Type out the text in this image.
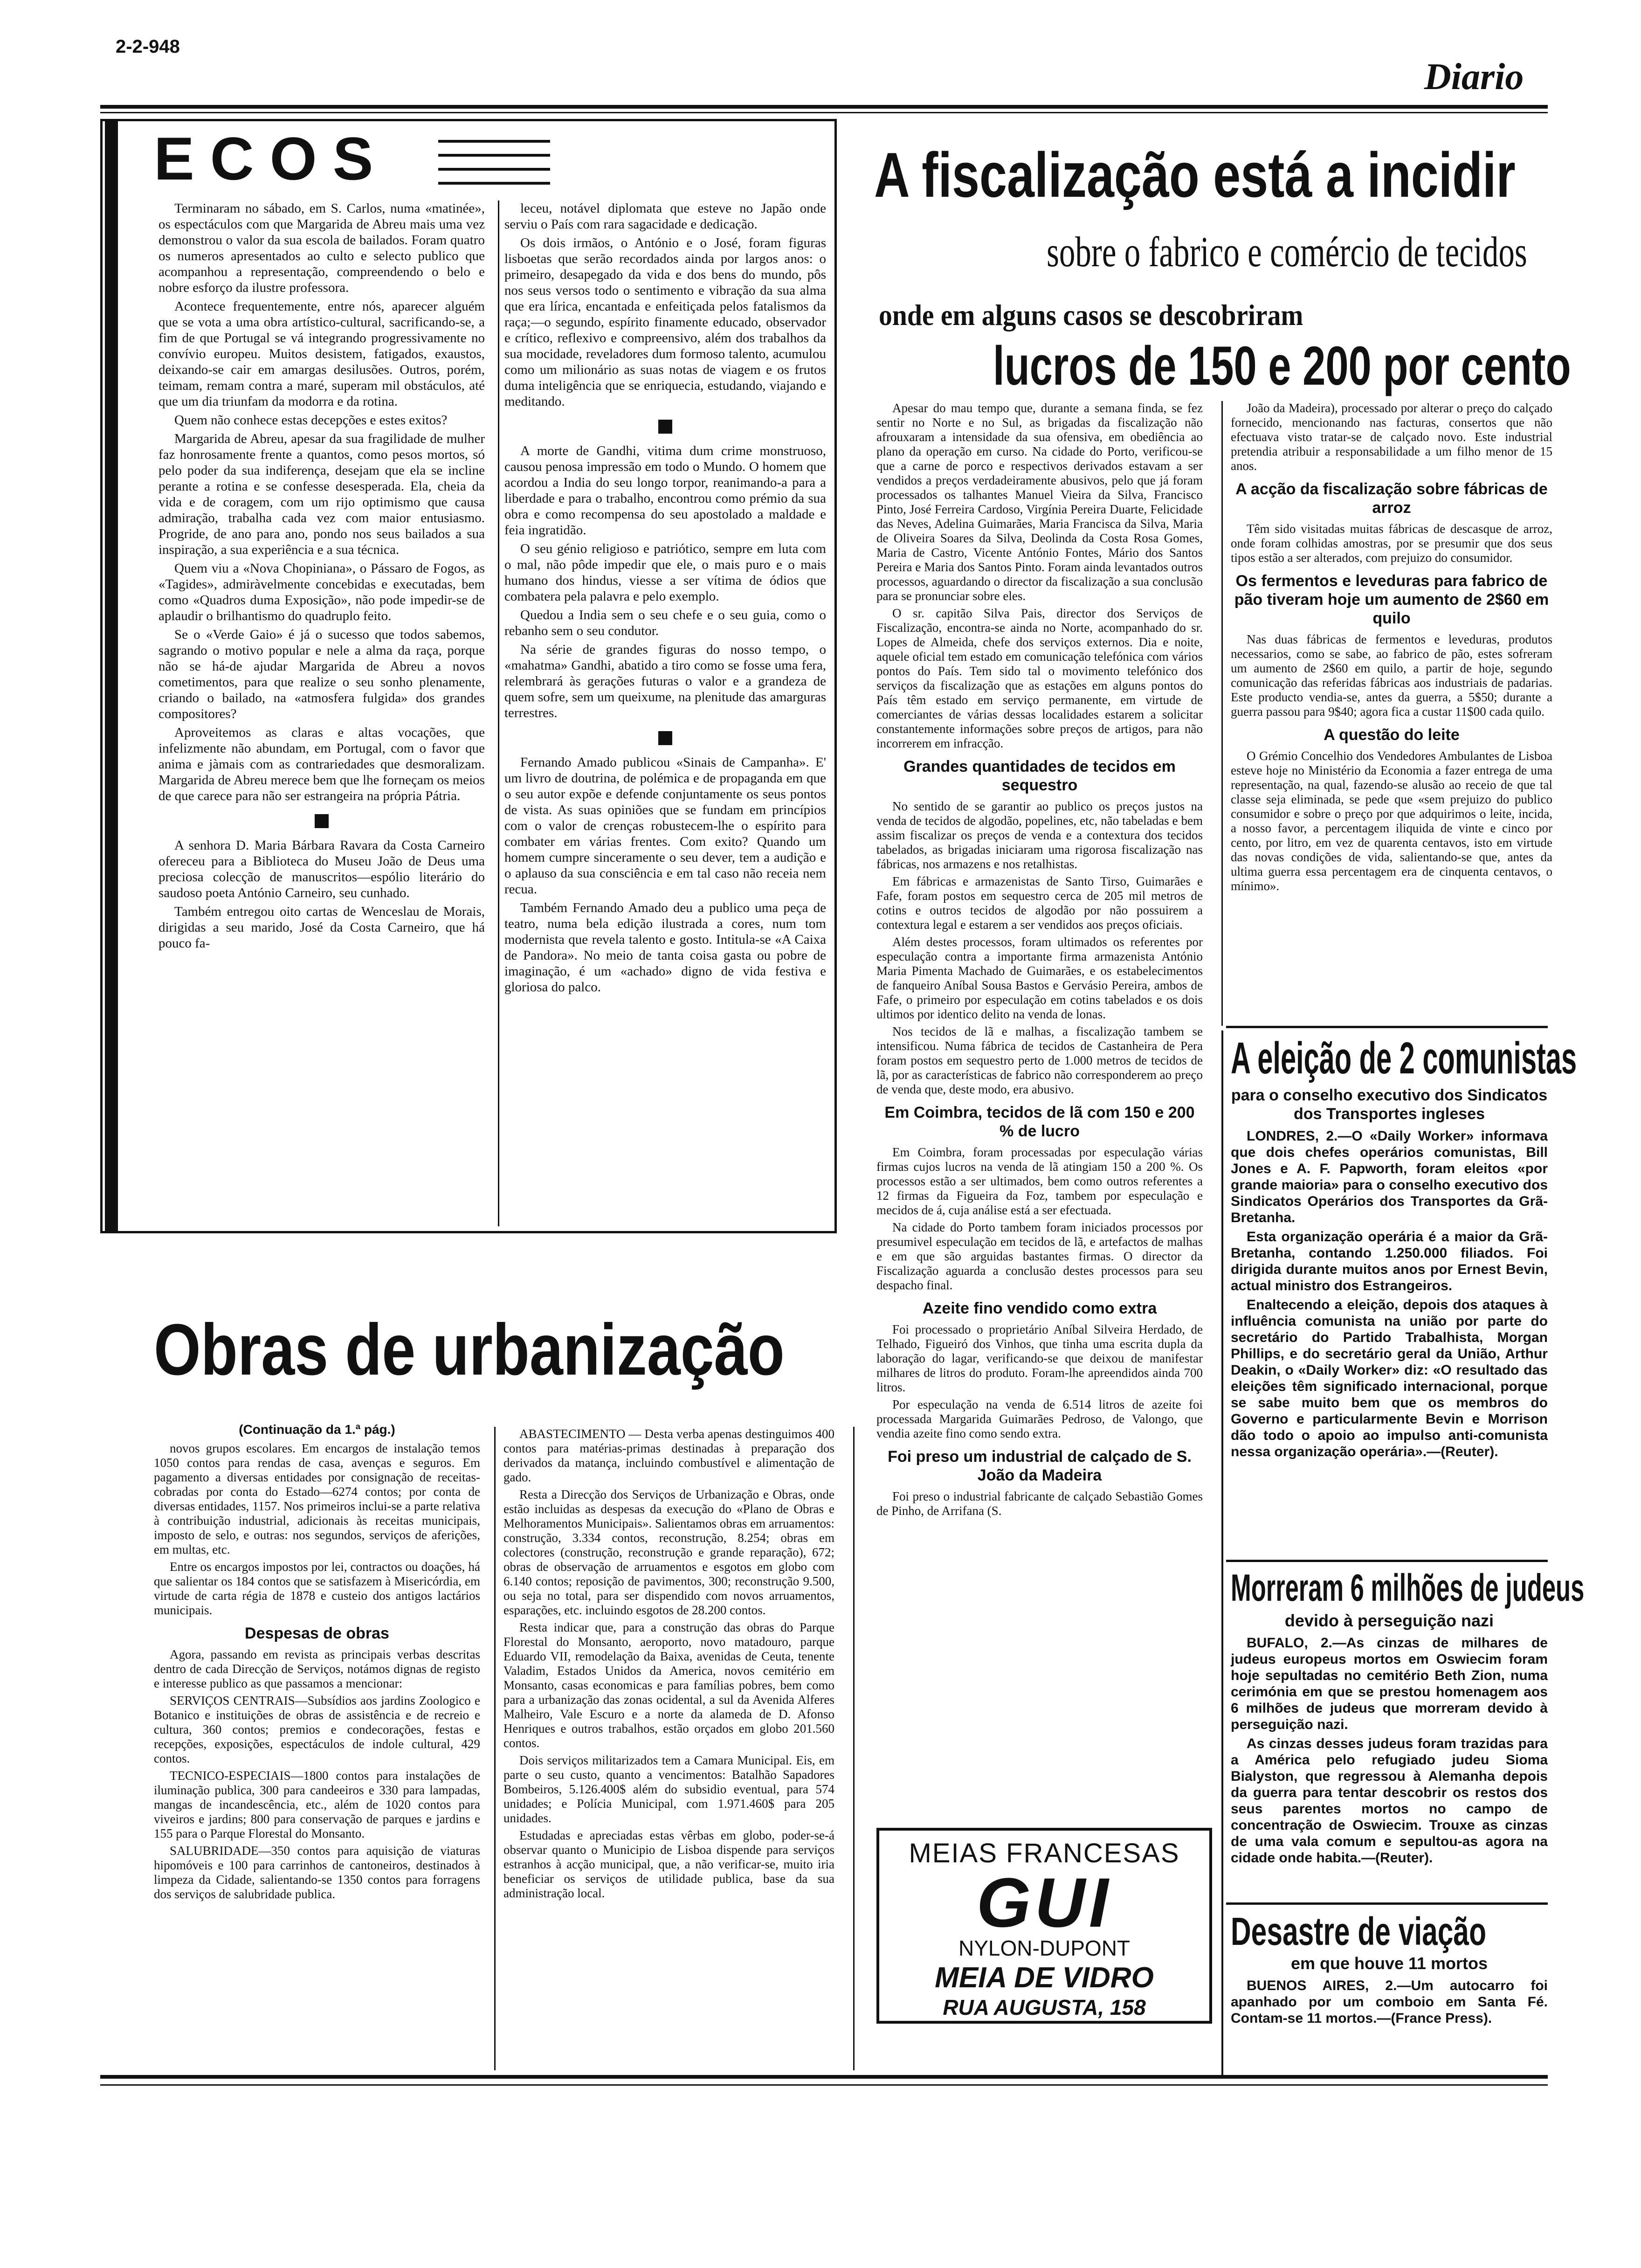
2-2-948
Diario
ECOS

Terminaram no sábado, em S. Carlos, numa «matinée», os espectáculos com que Margarida de Abreu mais uma vez demonstrou o valor da sua escola de bailados. Foram quatro os numeros apresentados ao culto e selecto publico que acompanhou a representação, compreendendo o belo e nobre esforço da ilustre professora.

Acontece frequentemente, entre nós, aparecer alguém que se vota a uma obra artístico-cultural, sacrificando-se, a fim de que Portugal se vá integrando progressivamente no convívio europeu. Muitos desistem, fatigados, exaustos, deixando-se cair em amargas desilusões. Outros, porém, teimam, remam contra a maré, superam mil obstáculos, até que um dia triunfam da modorra e da rotina.

Quem não conhece estas decepções e estes exitos?

Margarida de Abreu, apesar da sua fragilidade de mulher faz honrosamente frente a quantos, como pesos mortos, só pelo poder da sua indiferença, desejam que ela se incline perante a rotina e se confesse desesperada. Ela, cheia da vida e de coragem, com um rijo optimismo que causa admiração, trabalha cada vez com maior entusiasmo. Progride, de ano para ano, pondo nos seus bailados a sua inspiração, a sua experiência e a sua técnica.

Quem viu a «Nova Chopiniana», o Pássaro de Fogos, as «Tagides», admiràvelmente concebidas e executadas, bem como «Quadros duma Exposição», não pode impedir-se de aplaudir o brilhantismo do quadruplo feito.

Se o «Verde Gaio» é já o sucesso que todos sabemos, sagrando o motivo popular e nele a alma da raça, porque não se há-de ajudar Margarida de Abreu a novos cometimentos, para que realize o seu sonho plenamente, criando o bailado, na «atmosfera fulgida» dos grandes compositores?

Aproveitemos as claras e altas vocações, que infelizmente não abundam, em Portugal, com o favor que anima e jàmais com as contrariedades que desmoralizam. Margarida de Abreu merece bem que lhe forneçam os meios de que carece para não ser estrangeira na própria Pátria.

A senhora D. Maria Bárbara Ravara da Costa Carneiro ofereceu para a Biblioteca do Museu João de Deus uma preciosa colecção de manuscritos—espólio literário do saudoso poeta António Carneiro, seu cunhado.

Também entregou oito cartas de Wenceslau de Morais, dirigidas a seu marido, José da Costa Carneiro, que há pouco fa-

leceu, notável diplomata que esteve no Japão onde serviu o País com rara sagacidade e dedicação.

Os dois irmãos, o António e o José, foram figuras lisboetas que serão recordados ainda por largos anos: o primeiro, desapegado da vida e dos bens do mundo, pôs nos seus versos todo o sentimento e vibração da sua alma que era lírica, encantada e enfeitiçada pelos fatalismos da raça;—o segundo, espírito finamente educado, observador e crítico, reflexivo e compreensivo, além dos trabalhos da sua mocidade, reveladores dum formoso talento, acumulou como um milionário as suas notas de viagem e os frutos duma inteligência que se enriquecia, estudando, viajando e meditando.

A morte de Gandhi, vitima dum crime monstruoso, causou penosa impressão em todo o Mundo. O homem que acordou a India do seu longo torpor, reanimando-a para a liberdade e para o trabalho, encontrou como prémio da sua obra e como recompensa do seu apostolado a maldade e feia ingratidão.

O seu génio religioso e patriótico, sempre em luta com o mal, não pôde impedir que ele, o mais puro e o mais humano dos hindus, viesse a ser vítima de ódios que combatera pela palavra e pelo exemplo.

Quedou a India sem o seu chefe e o seu guia, como o rebanho sem o seu condutor.

Na série de grandes figuras do nosso tempo, o «mahatma» Gandhi, abatido a tiro como se fosse uma fera, relembrará às gerações futuras o valor e a grandeza de quem sofre, sem um queixume, na plenitude das amarguras terrestres.

Fernando Amado publicou «Sinais de Campanha». E' um livro de doutrina, de polémica e de propaganda em que o seu autor expõe e defende conjuntamente os seus pontos de vista. As suas opiniões que se fundam em princípios com o valor de crenças robustecem-lhe o espírito para combater em várias frentes. Com exito? Quando um homem cumpre sinceramente o seu dever, tem a audição e o aplauso da sua consciência e em tal caso não receia nem recua.

Também Fernando Amado deu a publico uma peça de teatro, numa bela edição ilustrada a cores, num tom modernista que revela talento e gosto. Intitula-se «A Caixa de Pandora». No meio de tanta coisa gasta ou pobre de imaginação, é um «achado» digno de vida festiva e gloriosa do palco.

A fiscalização está a incidir
sobre o fabrico e comércio de tecidos
onde em alguns casos se descobriram
lucros de 150 e 200 por cento

Apesar do mau tempo que, durante a semana finda, se fez sentir no Norte e no Sul, as brigadas da fiscalização não afrouxaram a intensidade da sua ofensiva, em obediência ao plano da operação em curso. Na cidade do Porto, verificou-se que a carne de porco e respectivos derivados estavam a ser vendidos a preços verdadeiramente abusivos, pelo que já foram processados os talhantes Manuel Vieira da Silva, Francisco Pinto, José Ferreira Cardoso, Virgínia Pereira Duarte, Felicidade das Neves, Adelina Guimarães, Maria Francisca da Silva, Maria de Oliveira Soares da Silva, Deolinda da Costa Rosa Gomes, Maria de Castro, Vicente António Fontes, Mário dos Santos Pereira e Maria dos Santos Pinto. Foram ainda levantados outros processos, aguardando o director da fiscalização a sua conclusão para se pronunciar sobre eles.

O sr. capitão Silva Pais, director dos Serviços de Fiscalização, encontra-se ainda no Norte, acompanhado do sr. Lopes de Almeida, chefe dos serviços externos. Dia e noite, aquele oficial tem estado em comunicação telefónica com vários pontos do País. Tem sido tal o movimento telefónico dos serviços da fiscalização que as estações em alguns pontos do País têm estado em serviço permanente, em virtude de comerciantes de várias dessas localidades estarem a solicitar constantemente informações sobre preços de artigos, para não incorrerem em infracção.

Grandes quantidades de tecidos em sequestro

No sentido de se garantir ao publico os preços justos na venda de tecidos de algodão, popelines, etc, não tabeladas e bem assim fiscalizar os preços de venda e a contextura dos tecidos tabelados, as brigadas iniciaram uma rigorosa fiscalização nas fábricas, nos armazens e nos retalhistas.

Em fábricas e armazenistas de Santo Tirso, Guimarães e Fafe, foram postos em sequestro cerca de 205 mil metros de cotins e outros tecidos de algodão por não possuirem a contextura legal e estarem a ser vendidos aos preços oficiais.

Além destes processos, foram ultimados os referentes por especulação contra a importante firma armazenista António Maria Pimenta Machado de Guimarães, e os estabelecimentos de fanqueiro Aníbal Sousa Bastos e Gervásio Pereira, ambos de Fafe, o primeiro por especulação em cotins tabelados e os dois ultimos por identico delito na venda de lonas.

Nos tecidos de lã e malhas, a fiscalização tambem se intensificou. Numa fábrica de tecidos de Castanheira de Pera foram postos em sequestro perto de 1.000 metros de tecidos de lã, por as características de fabrico não corresponderem ao preço de venda que, deste modo, era abusivo.

Em Coimbra, tecidos de lã com 150 e 200 % de lucro

Em Coimbra, foram processadas por especulação várias firmas cujos lucros na venda de lã atingiam 150 a 200 %. Os processos estão a ser ultimados, bem como outros referentes a 12 firmas da Figueira da Foz, tambem por especulação e mecidos de á, cuja análise está a ser efectuada.

Na cidade do Porto tambem foram iniciados processos por presumivel especulação em tecidos de lã, e artefactos de malhas e em que são arguidas bastantes firmas. O director da Fiscalização aguarda a conclusão destes processos para seu despacho final.

Azeite fino vendido como extra

Foi processado o proprietário Aníbal Silveira Herdado, de Telhado, Figueiró dos Vinhos, que tinha uma escrita dupla da laboração do lagar, verificando-se que deixou de manifestar milhares de litros do produto. Foram-lhe apreendidos ainda 700 litros.

Por especulação na venda de 6.514 litros de azeite foi processada Margarida Guimarães Pedroso, de Valongo, que vendia azeite fino como sendo extra.

Foi preso um industrial de calçado de S. João da Madeira

Foi preso o industrial fabricante de calçado Sebastião Gomes de Pinho, de Arrifana (S.

João da Madeira), processado por alterar o preço do calçado fornecido, mencionando nas facturas, consertos que não efectuava visto tratar-se de calçado novo. Este industrial pretendia atribuir a responsabilidade a um filho menor de 15 anos.

A acção da fiscalização sobre fábricas de arroz

Têm sido visitadas muitas fábricas de descasque de arroz, onde foram colhidas amostras, por se presumir que dos seus tipos estão a ser alterados, com prejuizo do consumidor.

Os fermentos e leveduras para fabrico de pão tiveram hoje um aumento de 2$60 em quilo

Nas duas fábricas de fermentos e leveduras, produtos necessarios, como se sabe, ao fabrico de pão, estes sofreram um aumento de 2$60 em quilo, a partir de hoje, segundo comunicação das referidas fábricas aos industriais de padarias. Este producto vendia-se, antes da guerra, a 5$50; durante a guerra passou para 9$40; agora fica a custar 11$00 cada quilo.

A questão do leite

O Grémio Concelhio dos Vendedores Ambulantes de Lisboa esteve hoje no Ministério da Economia a fazer entrega de uma representação, na qual, fazendo-se alusão ao receio de que tal classe seja eliminada, se pede que «sem prejuizo do publico consumidor e sobre o preço por que adquirimos o leite, incida, a nosso favor, a percentagem iliquida de vinte e cinco por cento, por litro, em vez de quarenta centavos, isto em virtude das novas condições de vida, salientando-se que, antes da ultima guerra essa percentagem era de cinquenta centavos, o mínimo».

A eleição de 2 comunistas
para o conselho executivo dos Sindicatos dos Transportes ingleses

LONDRES, 2.—O «Daily Worker» informava que dois chefes operários comunistas, Bill Jones e A. F. Papworth, foram eleitos «por grande maioria» para o conselho executivo dos Sindicatos Operários dos Transportes da Grã-Bretanha.

Esta organização operária é a maior da Grã-Bretanha, contando 1.250.000 filiados. Foi dirigida durante muitos anos por Ernest Bevin, actual ministro dos Estrangeiros.

Enaltecendo a eleição, depois dos ataques à influência comunista na união por parte do secretário do Partido Trabalhista, Morgan Phillips, e do secretário geral da União, Arthur Deakin, o «Daily Worker» diz: «O resultado das eleições têm significado internacional, porque se sabe muito bem que os membros do Governo e particularmente Bevin e Morrison dão todo o apoio ao impulso anti-comunista nessa organização operária».—(Reuter).

Morreram 6 milhões de judeus
devido à perseguição nazi

BUFALO, 2.—As cinzas de milhares de judeus europeus mortos em Oswiecim foram hoje sepultadas no cemitério Beth Zion, numa cerimónia em que se prestou homenagem aos 6 milhões de judeus que morreram devido à perseguição nazi.

As cinzas desses judeus foram trazidas para a América pelo refugiado judeu Sioma Bialyston, que regressou à Alemanha depois da guerra para tentar descobrir os restos dos seus parentes mortos no campo de concentração de Oswiecim. Trouxe as cinzas de uma vala comum e sepultou-as agora na cidade onde habita.—(Reuter).

Desastre de viação
em que houve 11 mortos

BUENOS AIRES, 2.—Um autocarro foi apanhado por um comboio em Santa Fé. Contam-se 11 mortos.—(France Press).

Obras de urbanização
(Continuação da 1.ª pág.)

novos grupos escolares. Em encargos de instalação temos 1050 contos para rendas de casa, avenças e seguros. Em pagamento a diversas entidades por consignação de receitas-cobradas por conta do Estado—6274 contos; por conta de diversas entidades, 1157. Nos primeiros inclui-se a parte relativa à contribuição industrial, adicionais às receitas municipais, imposto de selo, e outras: nos segundos, serviços de aferições, em multas, etc.

Entre os encargos impostos por lei, contractos ou doações, há que salientar os 184 contos que se satisfazem à Misericórdia, em virtude de carta régia de 1878 e custeio dos antigos lactários municipais.

Despesas de obras

Agora, passando em revista as principais verbas descritas dentro de cada Direcção de Serviços, notámos dignas de registo e interesse publico as que passamos a mencionar:

SERVIÇOS CENTRAIS—Subsídios aos jardins Zoologico e Botanico e instituições de obras de assistência e de recreio e cultura, 360 contos; premios e condecorações, festas e recepções, exposições, espectáculos de indole cultural, 429 contos.

TECNICO-ESPECIAIS—1800 contos para instalações de iluminação publica, 300 para candeeiros e 330 para lampadas, mangas de incandescência, etc., além de 1020 contos para viveiros e jardins; 800 para conservação de parques e jardins e 155 para o Parque Florestal do Monsanto.

SALUBRIDADE—350 contos para aquisição de viaturas hipomóveis e 100 para carrinhos de cantoneiros, destinados à limpeza da Cidade, salientando-se 1350 contos para forragens dos serviços de salubridade publica.

ABASTECIMENTO — Desta verba apenas destinguimos 400 contos para matérias-primas destinadas à preparação dos derivados da matança, incluindo combustível e alimentação de gado.

Resta a Direcção dos Serviços de Urbanização e Obras, onde estão incluidas as despesas da execução do «Plano de Obras e Melhoramentos Municipais». Salientamos obras em arruamentos: construção, 3.334 contos, reconstrução, 8.254; obras em colectores (construção, reconstrução e grande reparação), 672; obras de observação de arruamentos e esgotos em globo com 6.140 contos; reposição de pavimentos, 300; reconstrução 9.500, ou seja no total, para ser dispendido com novos arruamentos, esparações, etc. incluindo esgotos de 28.200 contos.

Resta indicar que, para a construção das obras do Parque Florestal do Monsanto, aeroporto, novo matadouro, parque Eduardo VII, remodelação da Baixa, avenidas de Ceuta, tenente Valadim, Estados Unidos da America, novos cemitério em Monsanto, casas economicas e para famílias pobres, bem como para a urbanização das zonas ocidental, a sul da Avenida Alferes Malheiro, Vale Escuro e a norte da alameda de D. Afonso Henriques e outros trabalhos, estão orçados em globo 201.560 contos.

Dois serviços militarizados tem a Camara Municipal. Eis, em parte o seu custo, quanto a vencimentos: Batalhão Sapadores Bombeiros, 5.126.400$ além do subsidio eventual, para 574 unidades; e Polícia Municipal, com 1.971.460$ para 205 unidades.

Estudadas e apreciadas estas vêrbas em globo, poder-se-á observar quanto o Municipio de Lisboa dispende para serviços estranhos à acção municipal, que, a não verificar-se, muito iria beneficiar os serviços de utilidade publica, base da sua administração local.

MEIAS FRANCESAS
GUI
NYLON-DUPONT
MEIA DE VIDRO
RUA AUGUSTA, 158
